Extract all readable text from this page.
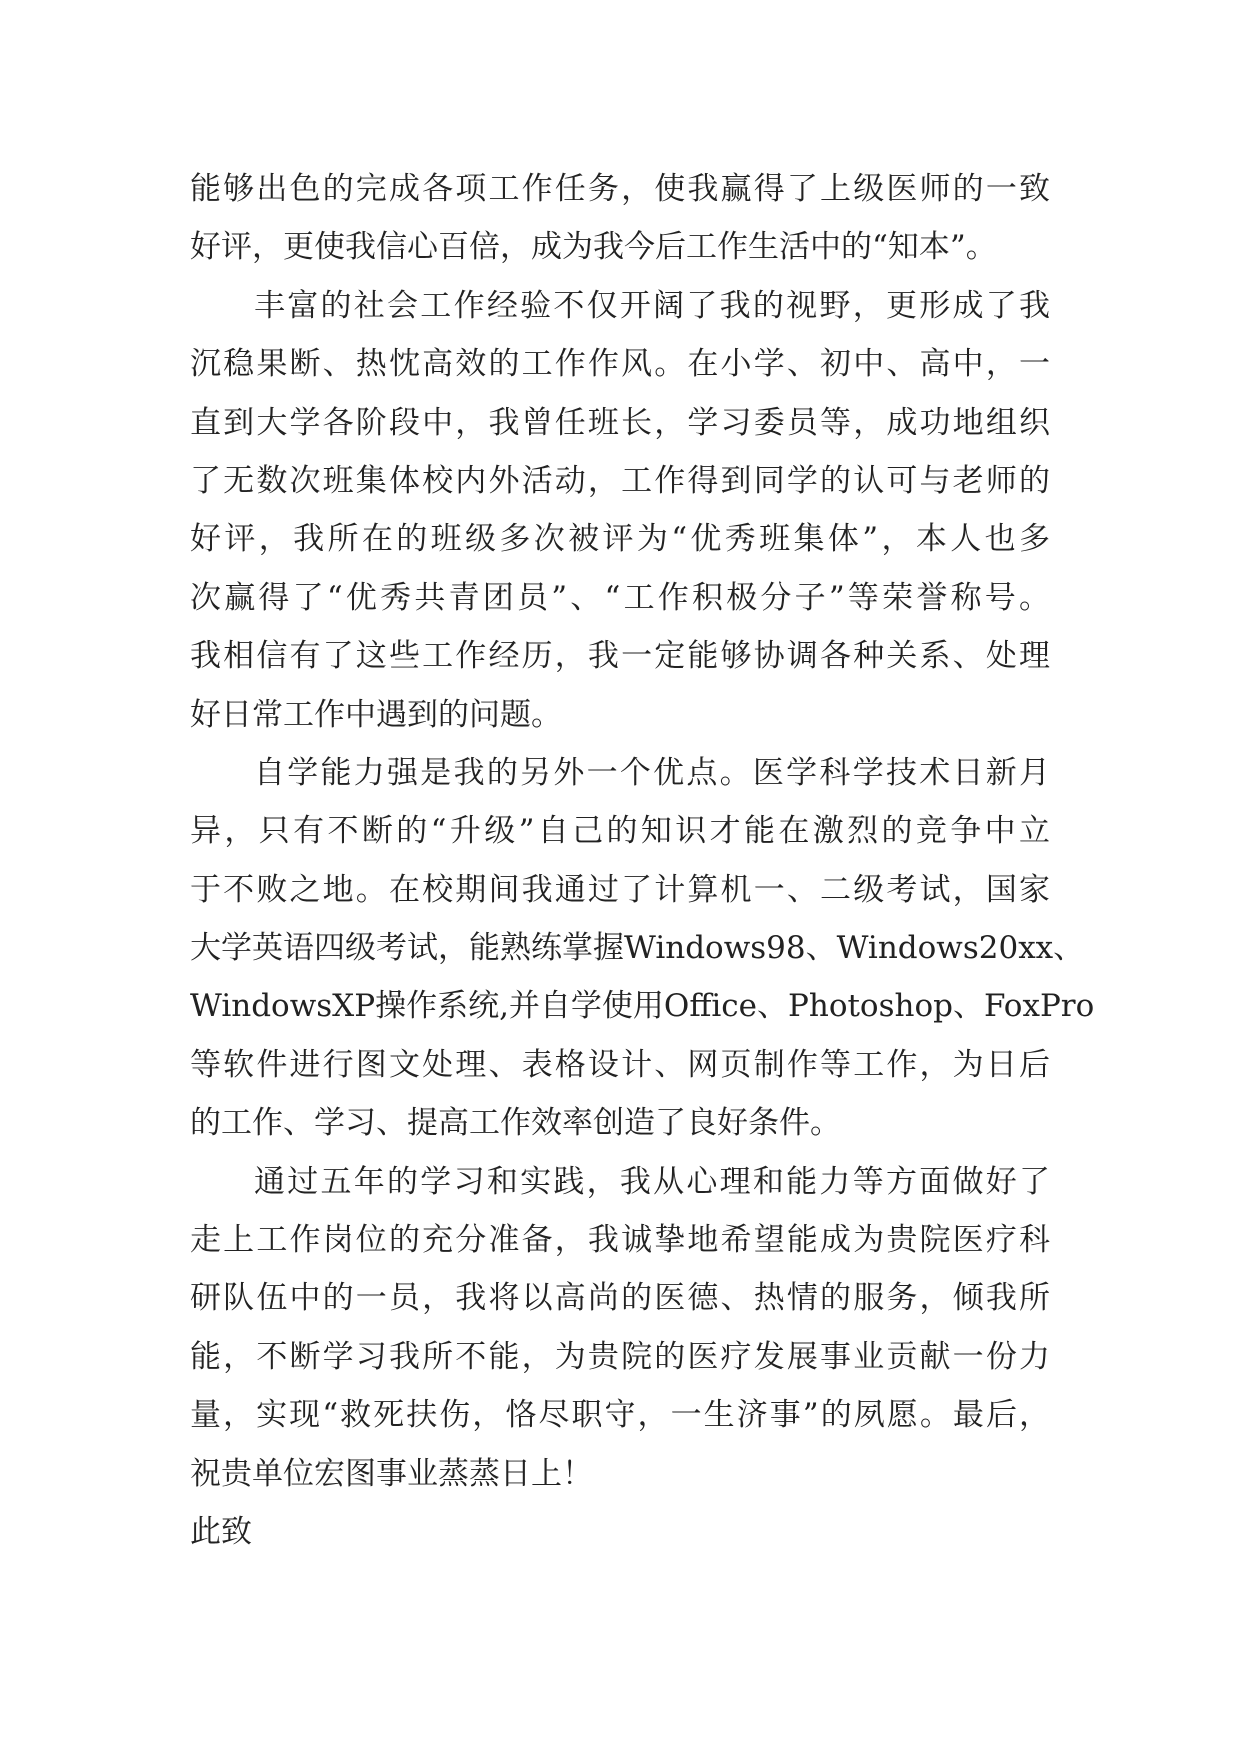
能够出色的完成各项工作任务，使我赢得了上级医师的一致
好评，更使我信心百倍，成为我今后工作生活中的“知本”。
丰富的社会工作经验不仅开阔了我的视野，更形成了我
沉稳果断、热忱高效的工作作风。在小学、初中、高中，一
直到大学各阶段中，我曾任班长，学习委员等，成功地组织
了无数次班集体校内外活动，工作得到同学的认可与老师的
好评，我所在的班级多次被评为“优秀班集体”，本人也多
次赢得了“优秀共青团员”、“工作积极分子”等荣誉称号。
我相信有了这些工作经历，我一定能够协调各种关系、处理
好日常工作中遇到的问题。
自学能力强是我的另外一个优点。医学科学技术日新月
异，只有不断的“升级”自己的知识才能在激烈的竞争中立
于不败之地。在校期间我通过了计算机一、二级考试，国家
大学英语四级考试，能熟练掌握Windows98、Windows20xx、
WindowsXP操作系统,并自学使用Office、Photoshop、FoxPro
等软件进行图文处理、表格设计、网页制作等工作，为日后
的工作、学习、提高工作效率创造了良好条件。
通过五年的学习和实践，我从心理和能力等方面做好了
走上工作岗位的充分准备，我诚挚地希望能成为贵院医疗科
研队伍中的一员，我将以高尚的医德、热情的服务，倾我所
能，不断学习我所不能，为贵院的医疗发展事业贡献一份力
量，实现“救死扶伤，恪尽职守，一生济事”的夙愿。最后，
祝贵单位宏图事业蒸蒸日上！
此致
